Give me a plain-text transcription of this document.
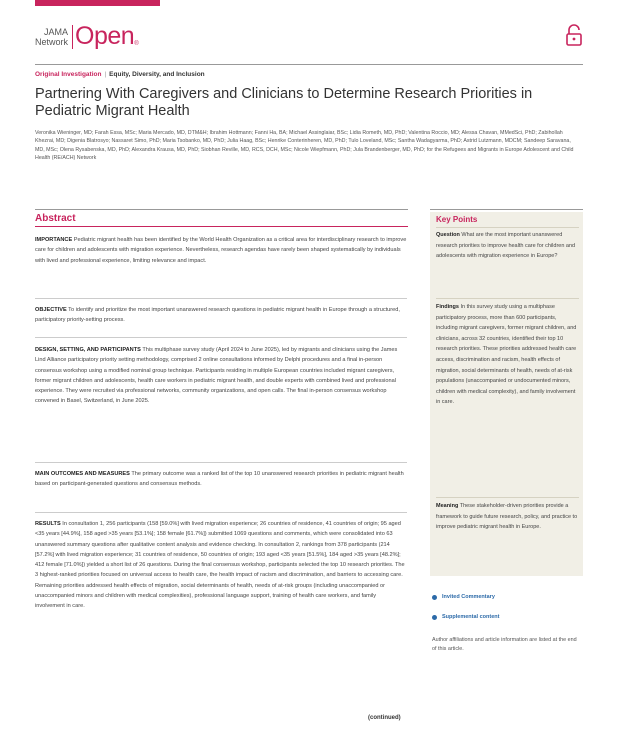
JAMA
Network Open ®
Original Investigation | Equity, Diversity, and Inclusion
Partnering With Caregivers and Clinicians to Determine Research Priorities in Pediatric Migrant Health
Veronika Wieninger, MD; Farah Essa, MSc; Maria Mercado, MD, DTM&H; Ibrahim Hottmann; Fanni Ha, BA; Michael Assinglaiar, BSc; Lidia Rometh, MD, PhD; Valentina Roccio, MD; Alessa Chavan, MMedSci, PhD; Zabihollah Khezrai, MD; Digenia Blatrosyo; Nassaret Simo, PhD; Maria Tsobanko, MD, PhD; Julia Haag, BSc; Henrike Conterinheren, MD, PhD; Tulo Loveland, MSc; Santha Wadagyarma, PhD; Astrid Lutzmann, MDCM; Sandeep Saravana, MD, MSc; Olena Rysabenska, MD, PhD; Alexandra Krausa, MD, PhD; Siobhan Reville, MD, RCS, DCH, MSc; Nicole Wiepfmann, PhD; Jula Brandenberger, MD, PhD; for the Refugees and Migrants in Europe Adolescent and Child Health (RE/ACH) Network
Abstract
IMPORTANCE Pediatric migrant health has been identified by the World Health Organization as a critical area for interdisciplinary research to improve care for children and adolescents with migration experience. Nevertheless, research agendas have rarely been shaped systematically by individuals with lived and professional experience, limiting relevance and impact.
OBJECTIVE To identify and prioritize the most important unanswered research questions in pediatric migrant health in Europe through a structured, participatory priority-setting process.
DESIGN, SETTING, AND PARTICIPANTS This multiphase survey study (April 2024 to June 2025), led by migrants and clinicians using the James Lind Alliance participatory priority setting methodology, comprised 2 online consultations informed by Delphi procedures and a final in-person consensus workshop using a modified nominal group technique. Participants residing in multiple European countries included migrant caregivers, former migrant children and adolescents, health care workers in pediatric migrant health, and double experts with combined lived and professional experience. They were recruited via professional networks, community organizations, and open calls. The final in-person consensus workshop convened in Basel, Switzerland, in June 2025.
MAIN OUTCOMES AND MEASURES The primary outcome was a ranked list of the top 10 unanswered research priorities in pediatric migrant health based on participant-generated questions and consensus methods.
RESULTS In consultation 1, 256 participants (158 [59.0%] with lived migration experience; 26 countries of residence, 41 countries of origin; 95 aged <35 years [44.9%], 158 aged >35 years [53.1%]; 158 female [61.7%]) submitted 1069 questions and comments, which were consolidated into 63 unanswered summary questions after qualitative content analysis and evidence checking. In consultation 2, rankings from 378 participants (214 [57.2%] with lived migration experience; 31 countries of residence, 50 countries of origin; 193 aged <35 years [51.5%], 184 aged >35 years [48.2%]; 412 female [71.0%]) yielded a short list of 26 questions. During the final consensus workshop, participants selected the top 10 research priorities. The 3 highest-ranked priorities focused on universal access to health care, the health impact of racism and discrimination, and barriers to accessing care. Remaining priorities addressed health effects of migration, social determinants of health, needs of at-risk groups (including unaccompanied or unaccompanied minors and children with medical complexities), professional language support, training of health care workers, and family involvement in care.
(continued)
Key Points
Question What are the most important unanswered research priorities to improve health care for children and adolescents with migration experience in Europe?
Findings In this survey study using a multiphase participatory process, more than 600 participants, including migrant caregivers, former migrant children, and clinicians, across 32 countries, identified their top 10 research priorities. These priorities addressed health care access, discrimination and racism, health effects of migration, social determinants of health, needs of at-risk populations (unaccompanied or undocumented minors, children with medical complexity), and family involvement in care.
Meaning These stakeholder-driven priorities provide a framework to guide future research, policy, and practice to improve pediatric migrant health in Europe.
Invited Commentary
Supplemental content
Author affiliations and article information are listed at the end of this article.
